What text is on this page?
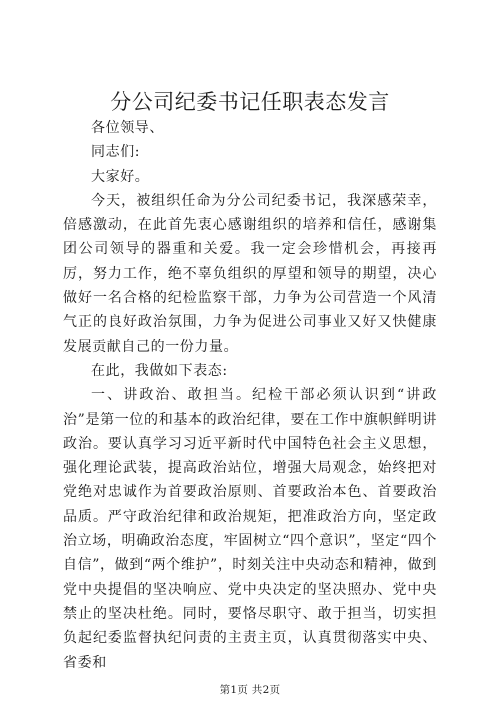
分公司纪委书记任职表态发言

各位领导、

同志们:

大家好。

今天，被组织任命为分公司纪委书记，我深感荣幸，倍感激动，在此首先衷心感谢组织的培养和信任，感谢集团公司领导的器重和关爱。我一定会珍惜机会，再接再厉，努力工作，绝不辜负组织的厚望和领导的期望，决心做好一名合格的纪检监察干部，力争为公司营造一个风清气正的良好政治氛围，力争为促进公司事业又好又快健康发展贡献自己的一份力量。

在此，我做如下表态:

一、讲政治、敢担当。纪检干部必须认识到“讲政治”是第一位的和基本的政治纪律，要在工作中旗帜鲜明讲政治。要认真学习习近平新时代中国特色社会主义思想，强化理论武装，提高政治站位，增强大局观念，始终把对党绝对忠诚作为首要政治原则、首要政治本色、首要政治品质。严守政治纪律和政治规矩，把准政治方向，坚定政治立场，明确政治态度，牢固树立“四个意识”，坚定“四个自信”，做到“两个维护”，时刻关注中央动态和精神，做到党中央提倡的坚决响应、党中央决定的坚决照办、党中央禁止的坚决杜绝。同时，要恪尽职守、敢于担当，切实担负起纪委监督执纪问责的主责主页，认真贯彻落实中央、省委和

第1页 共2页
